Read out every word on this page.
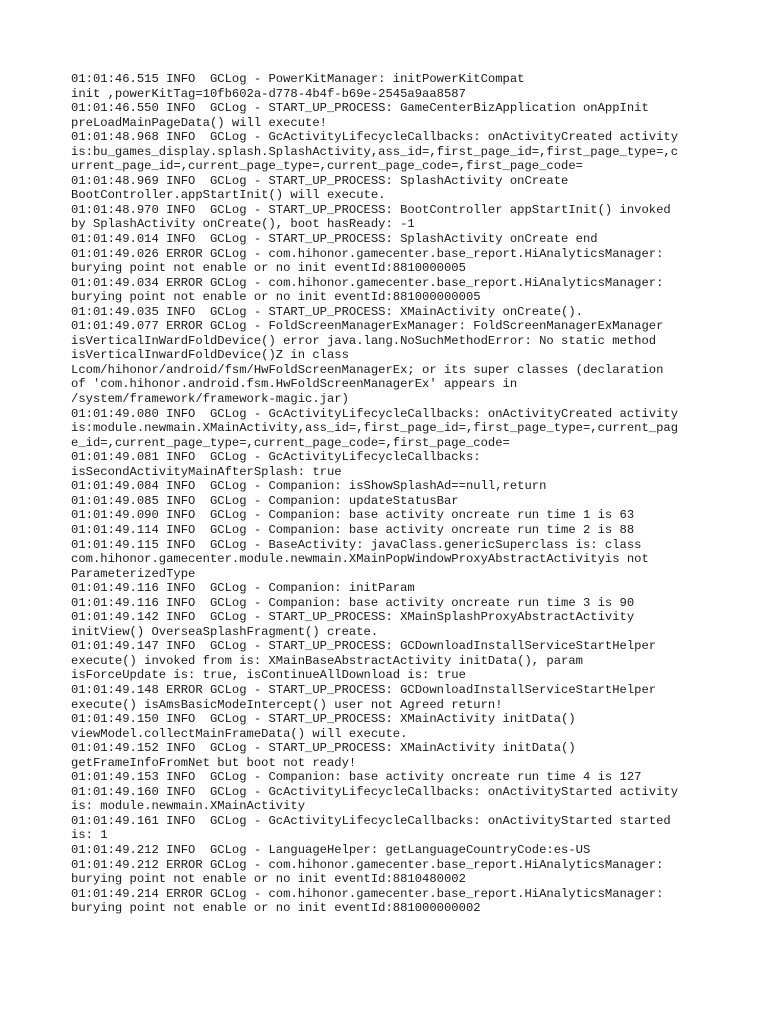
01:01:46.515 INFO  GCLog - PowerKitManager: initPowerKitCompat
init ,powerKitTag=10fb602a-d778-4b4f-b69e-2545a9aa8587
01:01:46.550 INFO  GCLog - START_UP_PROCESS: GameCenterBizApplication onAppInit
preLoadMainPageData() will execute!
01:01:48.968 INFO  GCLog - GcActivityLifecycleCallbacks: onActivityCreated activity
is:bu_games_display.splash.SplashActivity,ass_id=,first_page_id=,first_page_type=,c
urrent_page_id=,current_page_type=,current_page_code=,first_page_code=
01:01:48.969 INFO  GCLog - START_UP_PROCESS: SplashActivity onCreate
BootController.appStartInit() will execute.
01:01:48.970 INFO  GCLog - START_UP_PROCESS: BootController appStartInit() invoked
by SplashActivity onCreate(), boot hasReady: -1
01:01:49.014 INFO  GCLog - START_UP_PROCESS: SplashActivity onCreate end
01:01:49.026 ERROR GCLog - com.hihonor.gamecenter.base_report.HiAnalyticsManager:
burying point not enable or no init eventId:8810000005
01:01:49.034 ERROR GCLog - com.hihonor.gamecenter.base_report.HiAnalyticsManager:
burying point not enable or no init eventId:881000000005
01:01:49.035 INFO  GCLog - START_UP_PROCESS: XMainActivity onCreate().
01:01:49.077 ERROR GCLog - FoldScreenManagerExManager: FoldScreenManagerExManager
isVerticalInWardFoldDevice() error java.lang.NoSuchMethodError: No static method
isVerticalInwardFoldDevice()Z in class
Lcom/hihonor/android/fsm/HwFoldScreenManagerEx; or its super classes (declaration
of 'com.hihonor.android.fsm.HwFoldScreenManagerEx' appears in
/system/framework/framework-magic.jar)
01:01:49.080 INFO  GCLog - GcActivityLifecycleCallbacks: onActivityCreated activity
is:module.newmain.XMainActivity,ass_id=,first_page_id=,first_page_type=,current_pag
e_id=,current_page_type=,current_page_code=,first_page_code=
01:01:49.081 INFO  GCLog - GcActivityLifecycleCallbacks:
isSecondActivityMainAfterSplash: true
01:01:49.084 INFO  GCLog - Companion: isShowSplashAd==null,return
01:01:49.085 INFO  GCLog - Companion: updateStatusBar
01:01:49.090 INFO  GCLog - Companion: base activity oncreate run time 1 is 63
01:01:49.114 INFO  GCLog - Companion: base activity oncreate run time 2 is 88
01:01:49.115 INFO  GCLog - BaseActivity: javaClass.genericSuperclass is: class
com.hihonor.gamecenter.module.newmain.XMainPopWindowProxyAbstractActivityis not
ParameterizedType
01:01:49.116 INFO  GCLog - Companion: initParam
01:01:49.116 INFO  GCLog - Companion: base activity oncreate run time 3 is 90
01:01:49.142 INFO  GCLog - START_UP_PROCESS: XMainSplashProxyAbstractActivity
initView() OverseaSplashFragment() create.
01:01:49.147 INFO  GCLog - START_UP_PROCESS: GCDownloadInstallServiceStartHelper
execute() invoked from is: XMainBaseAbstractActivity initData(), param
isForceUpdate is: true, isContinueAllDownload is: true
01:01:49.148 ERROR GCLog - START_UP_PROCESS: GCDownloadInstallServiceStartHelper
execute() isAmsBasicModeIntercept() user not Agreed return!
01:01:49.150 INFO  GCLog - START_UP_PROCESS: XMainActivity initData()
viewModel.collectMainFrameData() will execute.
01:01:49.152 INFO  GCLog - START_UP_PROCESS: XMainActivity initData()
getFrameInfoFromNet but boot not ready!
01:01:49.153 INFO  GCLog - Companion: base activity oncreate run time 4 is 127
01:01:49.160 INFO  GCLog - GcActivityLifecycleCallbacks: onActivityStarted activity
is: module.newmain.XMainActivity
01:01:49.161 INFO  GCLog - GcActivityLifecycleCallbacks: onActivityStarted started
is: 1
01:01:49.212 INFO  GCLog - LanguageHelper: getLanguageCountryCode:es-US
01:01:49.212 ERROR GCLog - com.hihonor.gamecenter.base_report.HiAnalyticsManager:
burying point not enable or no init eventId:8810480002
01:01:49.214 ERROR GCLog - com.hihonor.gamecenter.base_report.HiAnalyticsManager:
burying point not enable or no init eventId:881000000002
